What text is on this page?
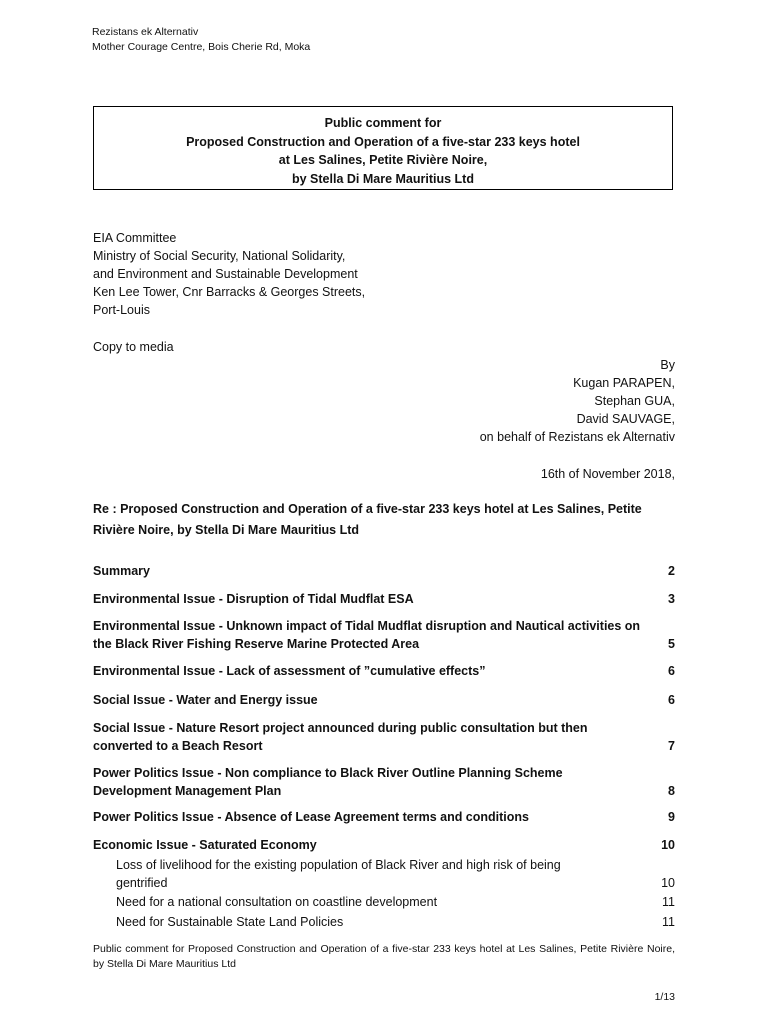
Rezistans ek Alternativ
Mother Courage Centre, Bois Cherie Rd, Moka
Public comment for
Proposed Construction and Operation of a five-star 233 keys hotel
at Les Salines, Petite Rivière Noire,
by Stella Di Mare Mauritius Ltd
EIA Committee
Ministry of Social Security, National Solidarity,
and Environment and Sustainable Development
Ken Lee Tower, Cnr Barracks & Georges Streets,
Port-Louis
Copy to media
By
Kugan PARAPEN,
Stephan GUA,
David SAUVAGE,
on behalf of Rezistans ek Alternativ
16th of November 2018,
Re : Proposed Construction and Operation of a five-star 233 keys hotel at Les Salines, Petite Rivière Noire, by Stella Di Mare Mauritius Ltd
Summary	2
Environmental Issue - Disruption of Tidal Mudflat ESA	3
Environmental Issue - Unknown impact of Tidal Mudflat disruption and Nautical activities on the Black River Fishing Reserve Marine Protected Area	5
Environmental Issue - Lack of assessment of ”cumulative effects”	6
Social Issue - Water and Energy issue	6
Social Issue - Nature Resort project announced during public consultation but then converted to a Beach Resort	7
Power Politics Issue - Non compliance to Black River Outline Planning Scheme Development Management Plan	8
Power Politics Issue - Absence of Lease Agreement terms and conditions	9
Economic Issue - Saturated Economy	10
Loss of livelihood for the existing population of Black River and high risk of being gentrified	10
Need for a national consultation on coastline development	11
Need for Sustainable State Land Policies	11
Public comment for Proposed Construction and Operation of a five-star 233 keys hotel at Les Salines, Petite Rivière Noire, by Stella Di Mare Mauritius Ltd
1/13
